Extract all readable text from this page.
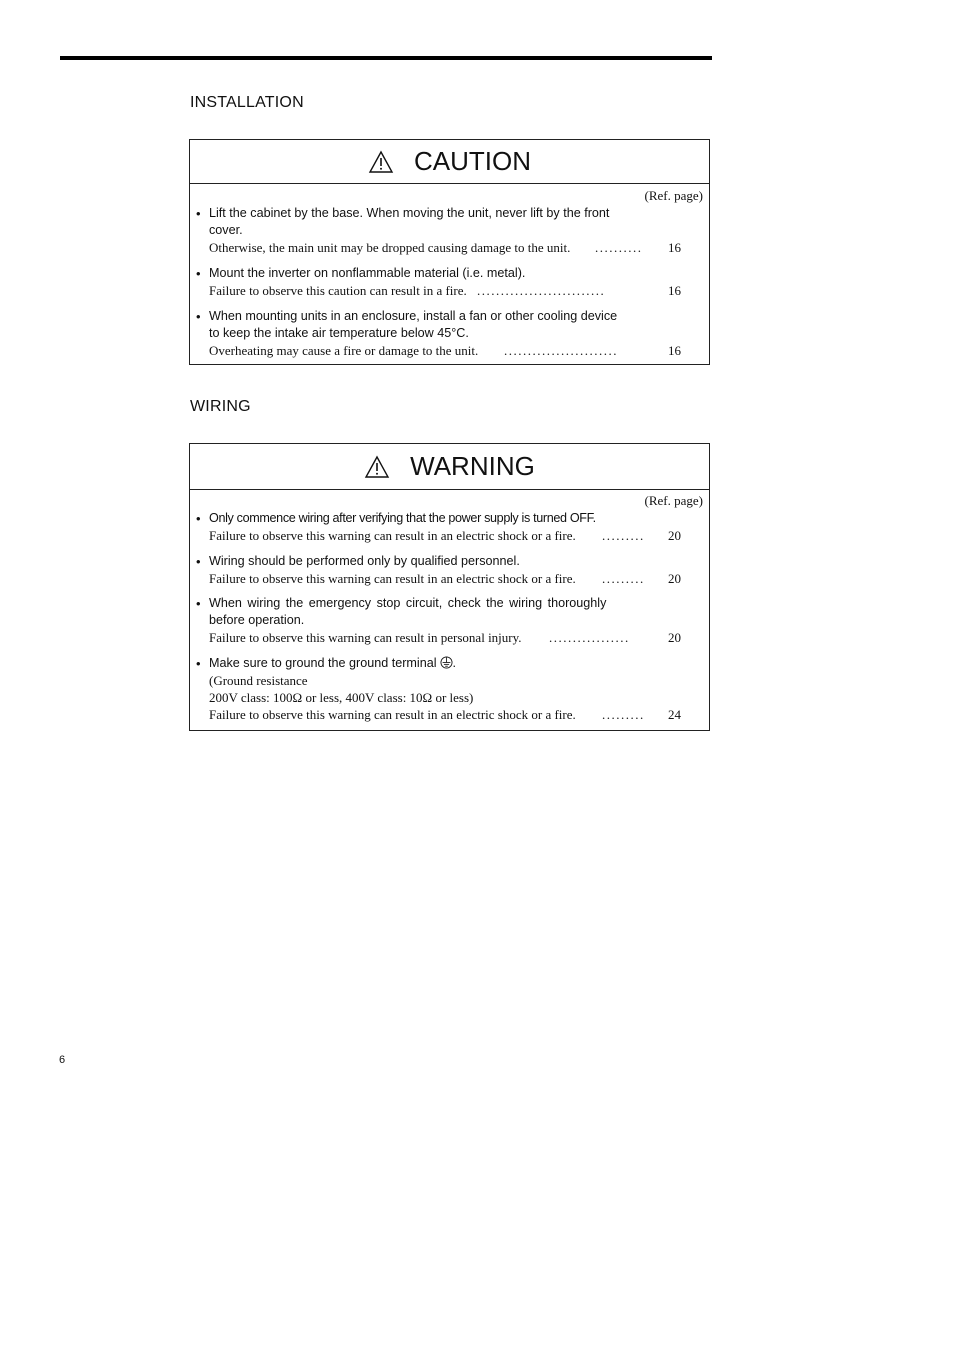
INSTALLATION
CAUTION
(Ref. page)
• Lift the cabinet by the base. When moving the unit, never lift by the front
cover.
Otherwise, the main unit may be dropped causing damage to the unit. .......... 16
• Mount the inverter on nonflammable material (i.e. metal).
Failure to observe this caution can result in a fire. ...........................	16
• When mounting units in an enclosure, install a fan or other cooling device
to keep the intake air temperature below 45°C.
Overheating may cause a fire or damage to the unit. ........................	16
WIRING
WARNING
(Ref. page)
• Only commence wiring after verifying that the power supply is turned OFF.
Failure to observe this warning can result in an electric shock or a fire. ......... 20
• Wiring should be performed only by qualified personnel.
Failure to observe this warning can result in an electric shock or a fire. ......... 20
• When wiring the emergency stop circuit, check the wiring thoroughly
before operation.
Failure to observe this warning can result in personal injury. .................	20
• Make sure to ground the ground terminal .
(Ground resistance
200V class: 100Ω or less, 400V class: 10Ω or less)
Failure to observe this warning can result in an electric shock or a fire. ......... 24
6
